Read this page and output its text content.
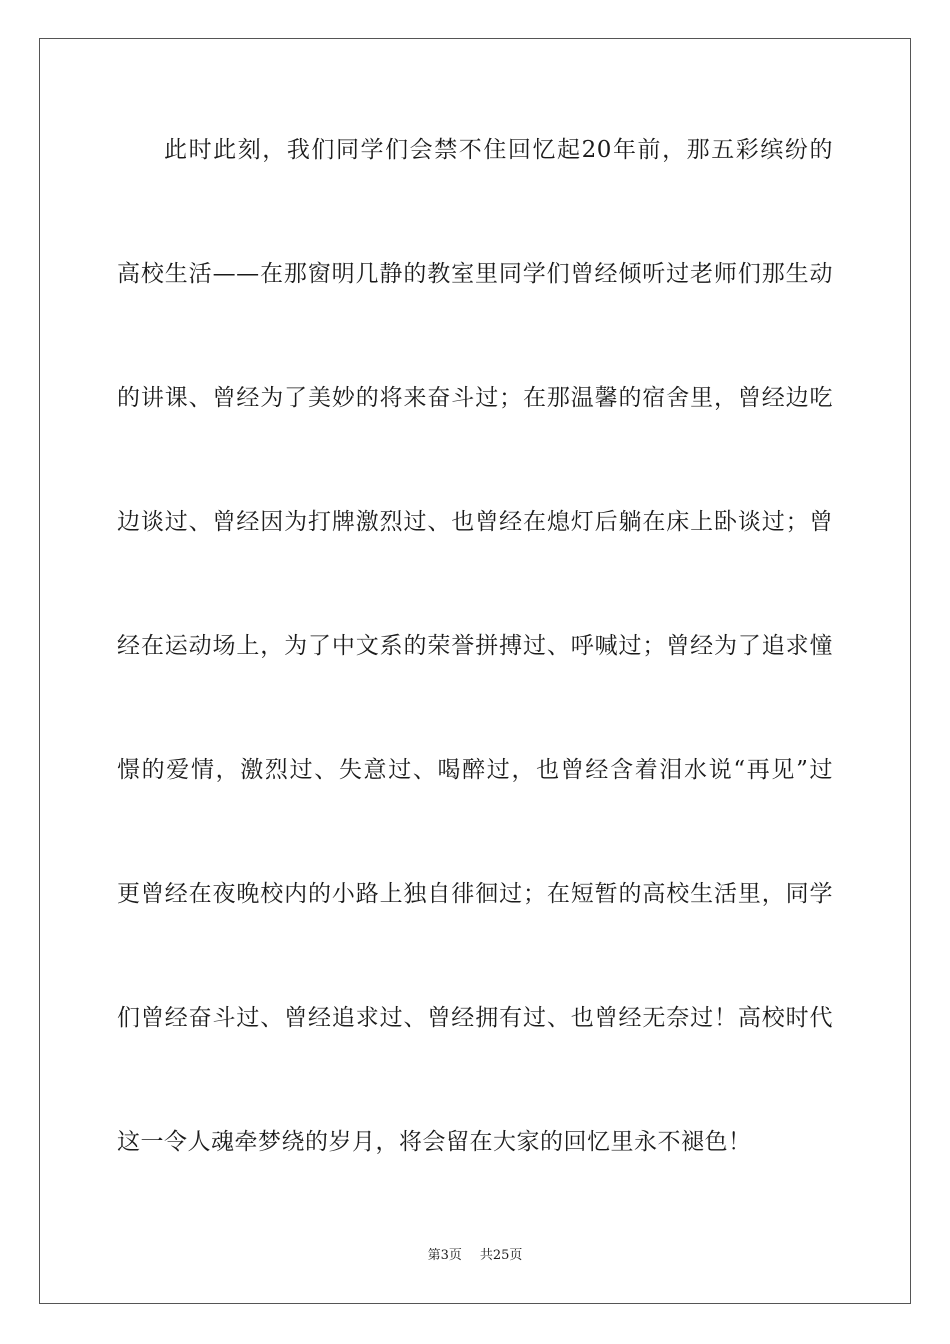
此时此刻，我们同学们会禁不住回忆起20年前，那五彩缤纷的
高校生活——在那窗明几静的教室里同学们曾经倾听过老师们那生动
的讲课、曾经为了美妙的将来奋斗过；在那温馨的宿舍里，曾经边吃
边谈过、曾经因为打牌激烈过、也曾经在熄灯后躺在床上卧谈过；曾
经在运动场上，为了中文系的荣誉拼搏过、呼喊过；曾经为了追求憧
憬的爱情，激烈过、失意过、喝醉过，也曾经含着泪水说“再见”过
更曾经在夜晚校内的小路上独自徘徊过；在短暂的高校生活里，同学
们曾经奋斗过、曾经追求过、曾经拥有过、也曾经无奈过！高校时代
这一令人魂牵梦绕的岁月，将会留在大家的回忆里永不褪色！
第3页 共25页
